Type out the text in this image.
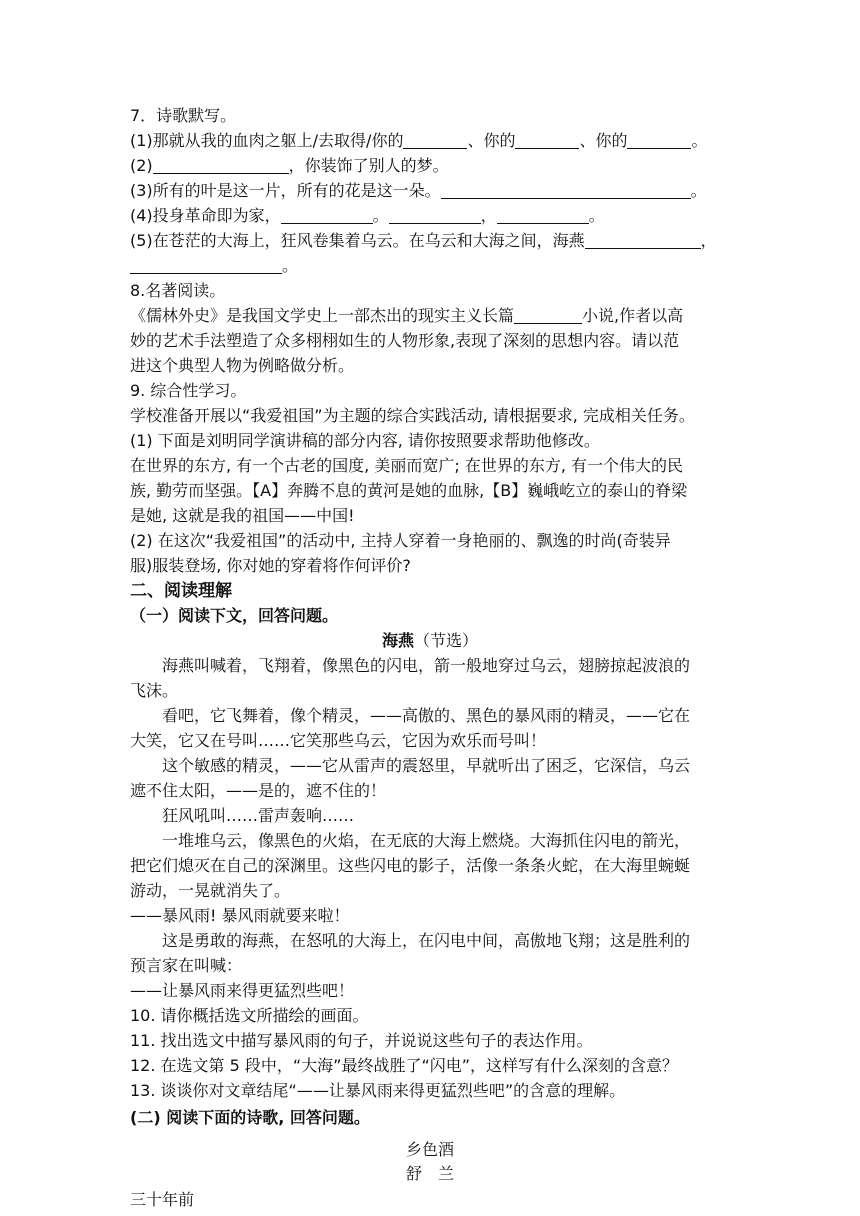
7．诗歌默写。
(1)那就从我的血肉之躯上/去取得/你的	、你的	、你的	。
(2)	，你装饰了别人的梦。
(3)所有的叶是这一片，所有的花是这一朵。	。
(4)投身革命即为家，	。	，	。
(5)在苍茫的大海上，狂风卷集着乌云。在乌云和大海之间，海燕	，
。
8.名著阅读。
《儒林外史》是我国文学史上一部杰出的现实主义长篇	小说,作者以高
妙的艺术手法塑造了众多栩栩如生的人物形象,表现了深刻的思想内容。请以范
进这个典型人物为例略做分析。
9. 综合性学习。
学校准备开展以“我爱祖国”为主题的综合实践活动, 请根据要求, 完成相关任务。
(1) 下面是刘明同学演讲稿的部分内容, 请你按照要求帮助他修改。
在世界的东方, 有一个古老的国度, 美丽而宽广; 在世界的东方, 有一个伟大的民
族, 勤劳而坚强。【A】奔腾不息的黄河是她的血脉,【B】巍峨屹立的泰山的脊梁
是她, 这就是我的祖国——中国!
(2) 在这次“我爱祖国”的活动中, 主持人穿着一身艳丽的、飘逸的时尚(奇装异
服)服装登场, 你对她的穿着将作何评价?
二、阅读理解
（一）阅读下文，回答问题。
海燕（节选）
海燕叫喊着，飞翔着，像黑色的闪电，箭一般地穿过乌云，翅膀掠起波浪的
飞沫。
看吧，它飞舞着，像个精灵，——高傲的、黑色的暴风雨的精灵，——它在
大笑，它又在号叫……它笑那些乌云，它因为欢乐而号叫！
这个敏感的精灵，——它从雷声的震怒里，早就听出了困乏，它深信，乌云
遮不住太阳，——是的，遮不住的！
狂风吼叫……雷声轰响……
一堆堆乌云，像黑色的火焰，在无底的大海上燃烧。大海抓住闪电的箭光，
把它们熄灭在自己的深渊里。这些闪电的影子，活像一条条火蛇，在大海里蜿蜒
游动，一晃就消失了。
——暴风雨! 暴风雨就要来啦！
这是勇敢的海燕，在怒吼的大海上，在闪电中间，高傲地飞翔；这是胜利的
预言家在叫喊：
——让暴风雨来得更猛烈些吧！
10. 请你概括选文所描绘的画面。
11. 找出选文中描写暴风雨的句子，并说说这些句子的表达作用。
12. 在选文第 5 段中，“大海”最终战胜了“闪电”，这样写有什么深刻的含意？
13. 谈谈你对文章结尾“——让暴风雨来得更猛烈些吧”的含意的理解。
(二) 阅读下面的诗歌, 回答问题。
乡色酒
舒　兰
三十年前
